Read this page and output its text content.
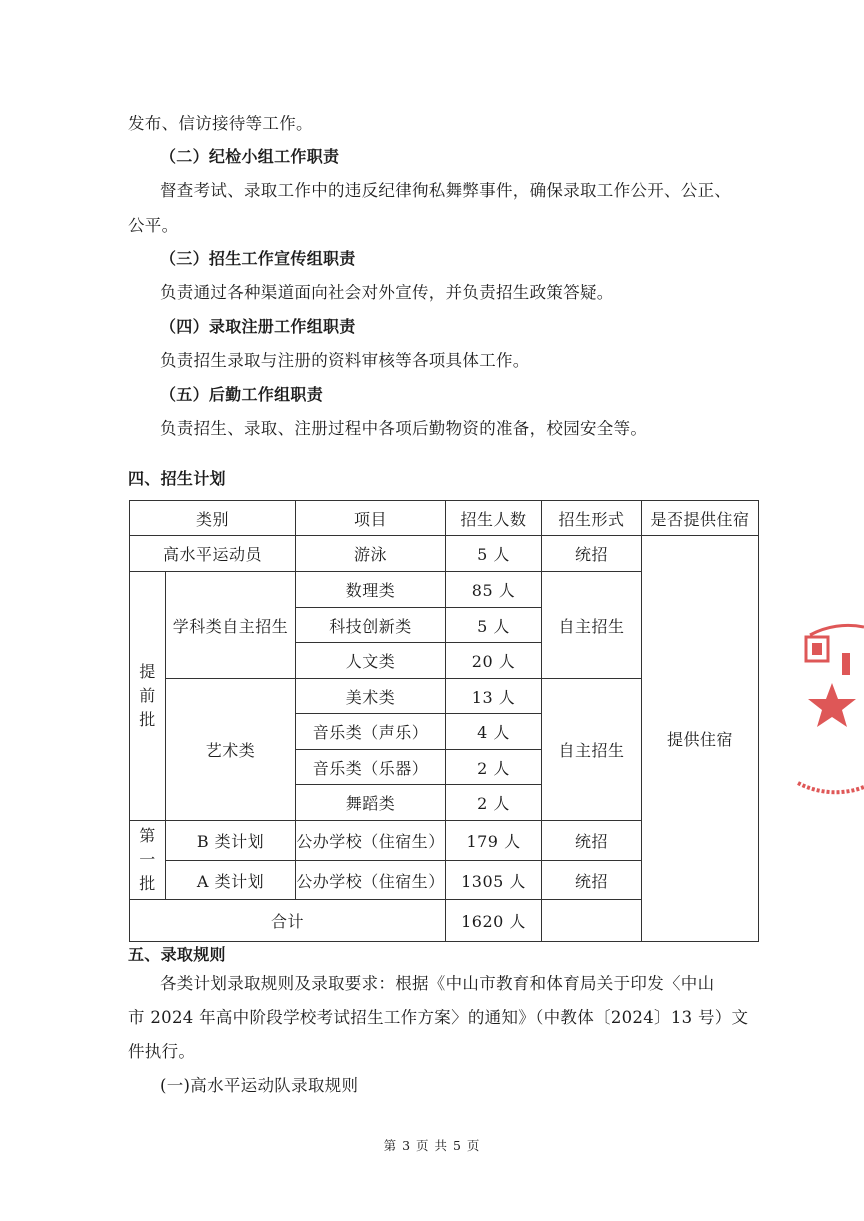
发布、信访接待等工作。
（二）纪检小组工作职责
督查考试、录取工作中的违反纪律徇私舞弊事件，确保录取工作公开、公正、
公平。
（三）招生工作宣传组职责
负责通过各种渠道面向社会对外宣传，并负责招生政策答疑。
（四）录取注册工作组职责
负责招生录取与注册的资料审核等各项具体工作。
（五）后勤工作组职责
负责招生、录取、注册过程中各项后勤物资的准备，校园安全等。
四、招生计划
类别		项目	招生人数	招生形式	是否提供住宿	
高水平运动员		游泳	5 人	统招	提供住宿	
提前批	学科类自主招生	数理类	85 人	自主招生		
		科技创新类	5 人			
		人文类	20 人			
	艺术类	美术类	13 人	自主招生		
		音乐类（声乐）	4 人			
		音乐类（乐器）	2 人			
		舞蹈类	2 人			
第一批	B 类计划	公办学校（住宿生）	179 人	统招		
	A 类计划	公办学校（住宿生）	1305 人	统招		
合计			1620 人			
五、录取规则
各类计划录取规则及录取要求：根据《中山市教育和体育局关于印发〈中山
市 2024 年高中阶段学校考试招生工作方案〉的通知》（中教体〔2024〕13 号）文
件执行。
(一)高水平运动队录取规则
第 3 页 共 5 页
